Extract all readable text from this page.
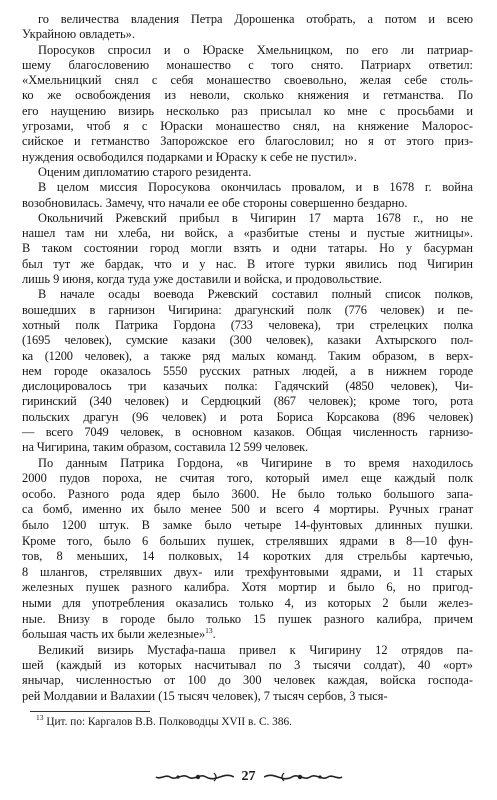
го величества владения Петра Дорошенка отобрать, а потом и всею
Украйною овладеть».
Поросуков спросил и о Юраске Хмельницком, по его ли патриар-
шему благословению монашество с того снято. Патриарх ответил:
«Хмельницкий снял с себя монашество своевольно, желая себе столь-
ко же освобождения из неволи, сколько княжения и гетманства. По
его наущению визирь несколько раз присылал ко мне с просьбами и
угрозами, чтоб я с Юраски монашество снял, на княжение Малорос-
сийское и гетманство Запорожское его благословил; но я от этого приз-
нуждения освободился подарками и Юраску к себе не пустил».
Оценим дипломатию старого резидента.
В целом миссия Поросукова окончилась провалом, и в 1678 г. война
возобновилась. Замечу, что начали ее обе стороны совершенно бездарно.
Окольничий Ржевский прибыл в Чигирин 17 марта 1678 г., но не
нашел там ни хлеба, ни войск, а «разбитые стены и пустые житницы».
В таком состоянии город могли взять и одни татары. Но у басурман
был тут же бардак, что и у нас. В итоге турки явились под Чигирин
лишь 9 июня, когда туда уже доставили и войска, и продовольствие.
В начале осады воевода Ржевский составил полный список полков,
вошедших в гарнизон Чигирина: драгунский полк (776 человек) и пе-
хотный полк Патрика Гордона (733 человека), три стрелецких полка
(1695 человек), сумские казаки (300 человек), казаки Ахтырского пол-
ка (1200 человек), а также ряд малых команд. Таким образом, в верх-
нем городе оказалось 5550 русских ратных людей, а в нижнем городе
дислоцировалось три казачьих полка: Гадячский (4850 человек), Чи-
гиринский (340 человек) и Сердюцкий (867 человек); кроме того, рота
польских драгун (96 человек) и рота Бориса Корсакова (896 человек)
— всего 7049 человек, в основном казаков. Общая численность гарнизо-
на Чигирина, таким образом, составила 12 599 человек.
По данным Патрика Гордона, «в Чигирине в то время находилось
2000 пудов пороха, не считая того, который имел еще каждый полк
особо. Разного рода ядер было 3600. Не было только большого запа-
са бомб, именно их было менее 500 и всего 4 мортиры. Ручных гранат
было 1200 штук. В замке было четыре 14-фунтовых длинных пушки.
Кроме того, было 6 больших пушек, стрелявших ядрами в 8—10 фун-
тов, 8 меньших, 14 полковых, 14 коротких для стрельбы картечью,
8 шлангов, стрелявших двух- или трехфунтовыми ядрами, и 11 старых
железных пушек разного калибра. Хотя мортир и было 6, но пригод-
ными для употребления оказались только 4, из которых 2 были желез-
ные. Внизу в городе было только 15 пушек разного калибра, причем
большая часть их были железные»$^{13}$.
Великий визирь Мустафа-паша привел к Чигирину 12 отрядов па-
шей (каждый из которых насчитывал по 3 тысячи солдат), 40 «орт»
янычар, численностью от 100 до 300 человек каждая, войска господа-
рей Молдавии и Валахии (15 тысяч человек), 7 тысяч сербов, 3 тыся-
$^{13}$ Цит. по: Каргалов В.В. Полководцы XVII в. С. 386.
27
